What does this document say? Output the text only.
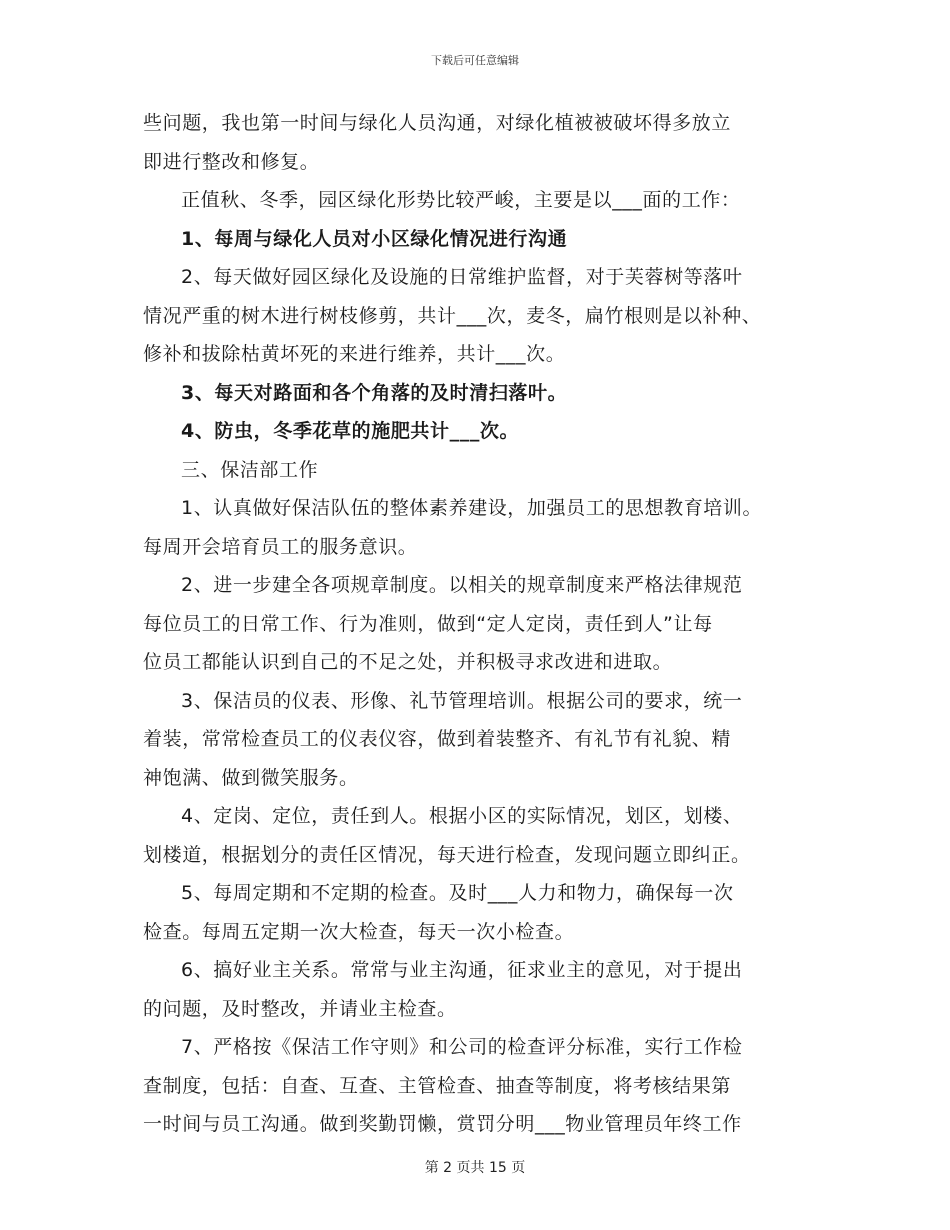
下载后可任意编辑

些问题，我也第一时间与绿化人员沟通，对绿化植被被破坏得多放立
即进行整改和修复。

正值秋、冬季，园区绿化形势比较严峻，主要是以___面的工作：

1、每周与绿化人员对小区绿化情况进行沟通

2、每天做好园区绿化及设施的日常维护监督，对于芙蓉树等落叶
情况严重的树木进行树枝修剪，共计___次，麦冬，扁竹根则是以补种、
修补和拔除枯黄坏死的来进行维养，共计___次。

3、每天对路面和各个角落的及时清扫落叶。

4、防虫，冬季花草的施肥共计___次。

三、保洁部工作

1、认真做好保洁队伍的整体素养建设，加强员工的思想教育培训。
每周开会培育员工的服务意识。

2、进一步建全各项规章制度。以相关的规章制度来严格法律规范
每位员工的日常工作、行为准则，做到“定人定岗，责任到人”让每
位员工都能认识到自己的不足之处，并积极寻求改进和进取。

3、保洁员的仪表、形像、礼节管理培训。根据公司的要求，统一
着装，常常检查员工的仪表仪容，做到着装整齐、有礼节有礼貌、精
神饱满、做到微笑服务。

4、定岗、定位，责任到人。根据小区的实际情况，划区，划楼、
划楼道，根据划分的责任区情况，每天进行检查，发现问题立即纠正。

5、每周定期和不定期的检查。及时___人力和物力，确保每一次
检查。每周五定期一次大检查，每天一次小检查。

6、搞好业主关系。常常与业主沟通，征求业主的意见，对于提出
的问题，及时整改，并请业主检查。

7、严格按《保洁工作守则》和公司的检查评分标准，实行工作检
查制度，包括：自查、互查、主管检查、抽查等制度，将考核结果第
一时间与员工沟通。做到奖勤罚懒，赏罚分明___物业管理员年终工作

第 2 页共 15 页
